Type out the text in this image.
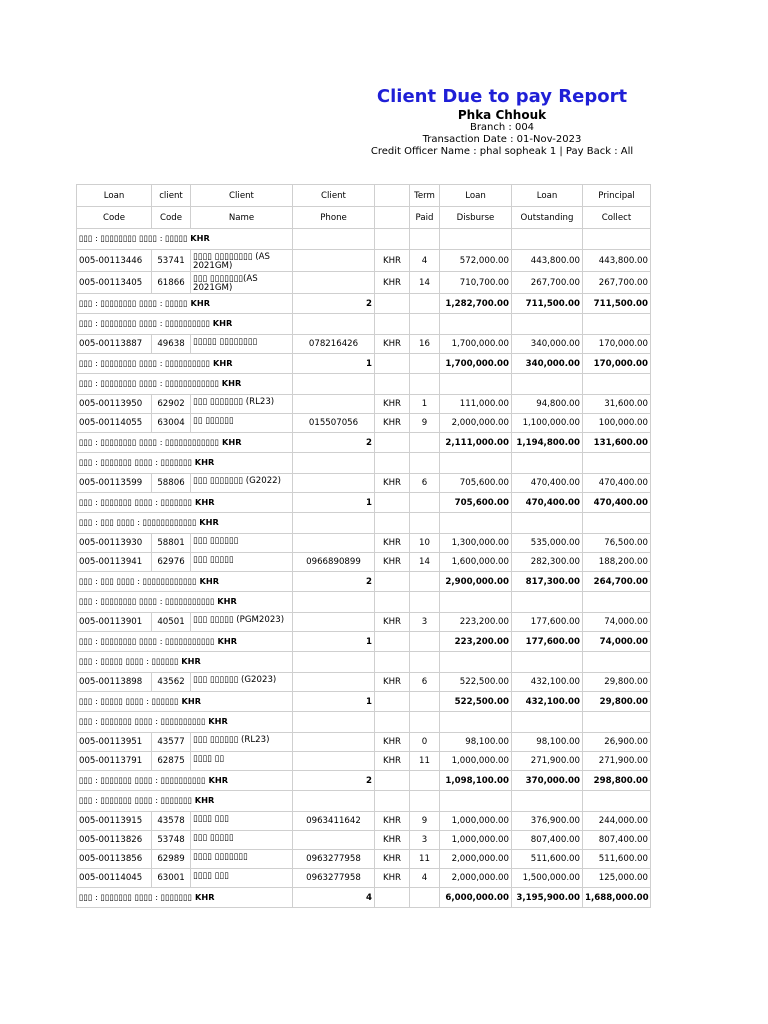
Client Due to pay Report
Phka Chhouk
Branch : 004
Transaction Date : 01-Nov-2023
Credit Officer Name : phal sopheak 1 | Pay Back : All
Loan	client	Client	Client		Term	Loan	Loan	Principal
Code	Code	Name	Phone		Paid	Disburse	Outstanding	Collect
▯▯▯ : ▯▯▯▯▯▯▯▯ ▯▯▯▯ : ▯▯▯▯▯ KHR								
005-00113446	53741	▯▯▯▯ ▯▯▯▯▯▯▯▯ (AS 2021GM)		KHR	4	572,000.00	443,800.00	443,800.00
005-00113405	61866	▯▯▯ ▯▯▯▯▯▯▯(AS 2021GM)		KHR	14	710,700.00	267,700.00	267,700.00
▯▯▯ : ▯▯▯▯▯▯▯▯ ▯▯▯▯ : ▯▯▯▯▯ KHR			2			1,282,700.00	711,500.00	711,500.00
▯▯▯ : ▯▯▯▯▯▯▯▯ ▯▯▯▯ : ▯▯▯▯▯▯▯▯▯▯ KHR								
005-00113887	49638	▯▯▯▯▯ ▯▯▯▯▯▯▯▯	078216426	KHR	16	1,700,000.00	340,000.00	170,000.00
▯▯▯ : ▯▯▯▯▯▯▯▯ ▯▯▯▯ : ▯▯▯▯▯▯▯▯▯▯ KHR			1			1,700,000.00	340,000.00	170,000.00
▯▯▯ : ▯▯▯▯▯▯▯▯ ▯▯▯▯ : ▯▯▯▯▯▯▯▯▯▯▯▯ KHR								
005-00113950	62902	▯▯▯ ▯▯▯▯▯▯▯ (RL23)		KHR	1	111,000.00	94,800.00	31,600.00
005-00114055	63004	▯▯ ▯▯▯▯▯▯	015507056	KHR	9	2,000,000.00	1,100,000.00	100,000.00
▯▯▯ : ▯▯▯▯▯▯▯▯ ▯▯▯▯ : ▯▯▯▯▯▯▯▯▯▯▯▯ KHR			2			2,111,000.00	1,194,800.00	131,600.00
▯▯▯ : ▯▯▯▯▯▯▯ ▯▯▯▯ : ▯▯▯▯▯▯▯ KHR								
005-00113599	58806	▯▯▯ ▯▯▯▯▯▯▯ (G2022)		KHR	6	705,600.00	470,400.00	470,400.00
▯▯▯ : ▯▯▯▯▯▯▯ ▯▯▯▯ : ▯▯▯▯▯▯▯ KHR			1			705,600.00	470,400.00	470,400.00
▯▯▯ : ▯▯▯ ▯▯▯▯ : ▯▯▯▯▯▯▯▯▯▯▯▯ KHR								
005-00113930	58801	▯▯▯ ▯▯▯▯▯▯		KHR	10	1,300,000.00	535,000.00	76,500.00
005-00113941	62976	▯▯▯ ▯▯▯▯▯	0966890899	KHR	14	1,600,000.00	282,300.00	188,200.00
▯▯▯ : ▯▯▯ ▯▯▯▯ : ▯▯▯▯▯▯▯▯▯▯▯▯ KHR			2			2,900,000.00	817,300.00	264,700.00
▯▯▯ : ▯▯▯▯▯▯▯▯ ▯▯▯▯ : ▯▯▯▯▯▯▯▯▯▯▯ KHR								
005-00113901	40501	▯▯▯ ▯▯▯▯▯ (PGM2023)		KHR	3	223,200.00	177,600.00	74,000.00
▯▯▯ : ▯▯▯▯▯▯▯▯ ▯▯▯▯ : ▯▯▯▯▯▯▯▯▯▯▯ KHR			1			223,200.00	177,600.00	74,000.00
▯▯▯ : ▯▯▯▯▯ ▯▯▯▯ : ▯▯▯▯▯▯ KHR								
005-00113898	43562	▯▯▯ ▯▯▯▯▯▯ (G2023)		KHR	6	522,500.00	432,100.00	29,800.00
▯▯▯ : ▯▯▯▯▯ ▯▯▯▯ : ▯▯▯▯▯▯ KHR			1			522,500.00	432,100.00	29,800.00
▯▯▯ : ▯▯▯▯▯▯▯ ▯▯▯▯ : ▯▯▯▯▯▯▯▯▯▯ KHR								
005-00113951	43577	▯▯▯ ▯▯▯▯▯▯ (RL23)		KHR	0	98,100.00	98,100.00	26,900.00
005-00113791	62875	▯▯▯▯ ▯▯		KHR	11	1,000,000.00	271,900.00	271,900.00
▯▯▯ : ▯▯▯▯▯▯▯ ▯▯▯▯ : ▯▯▯▯▯▯▯▯▯▯ KHR			2			1,098,100.00	370,000.00	298,800.00
▯▯▯ : ▯▯▯▯▯▯▯ ▯▯▯▯ : ▯▯▯▯▯▯▯ KHR								
005-00113915	43578	▯▯▯▯ ▯▯▯	0963411642	KHR	9	1,000,000.00	376,900.00	244,000.00
005-00113826	53748	▯▯▯ ▯▯▯▯▯		KHR	3	1,000,000.00	807,400.00	807,400.00
005-00113856	62989	▯▯▯▯ ▯▯▯▯▯▯▯	0963277958	KHR	11	2,000,000.00	511,600.00	511,600.00
005-00114045	63001	▯▯▯▯ ▯▯▯	0963277958	KHR	4	2,000,000.00	1,500,000.00	125,000.00
▯▯▯ : ▯▯▯▯▯▯▯ ▯▯▯▯ : ▯▯▯▯▯▯▯ KHR			4			6,000,000.00	3,195,900.00	1,688,000.00
